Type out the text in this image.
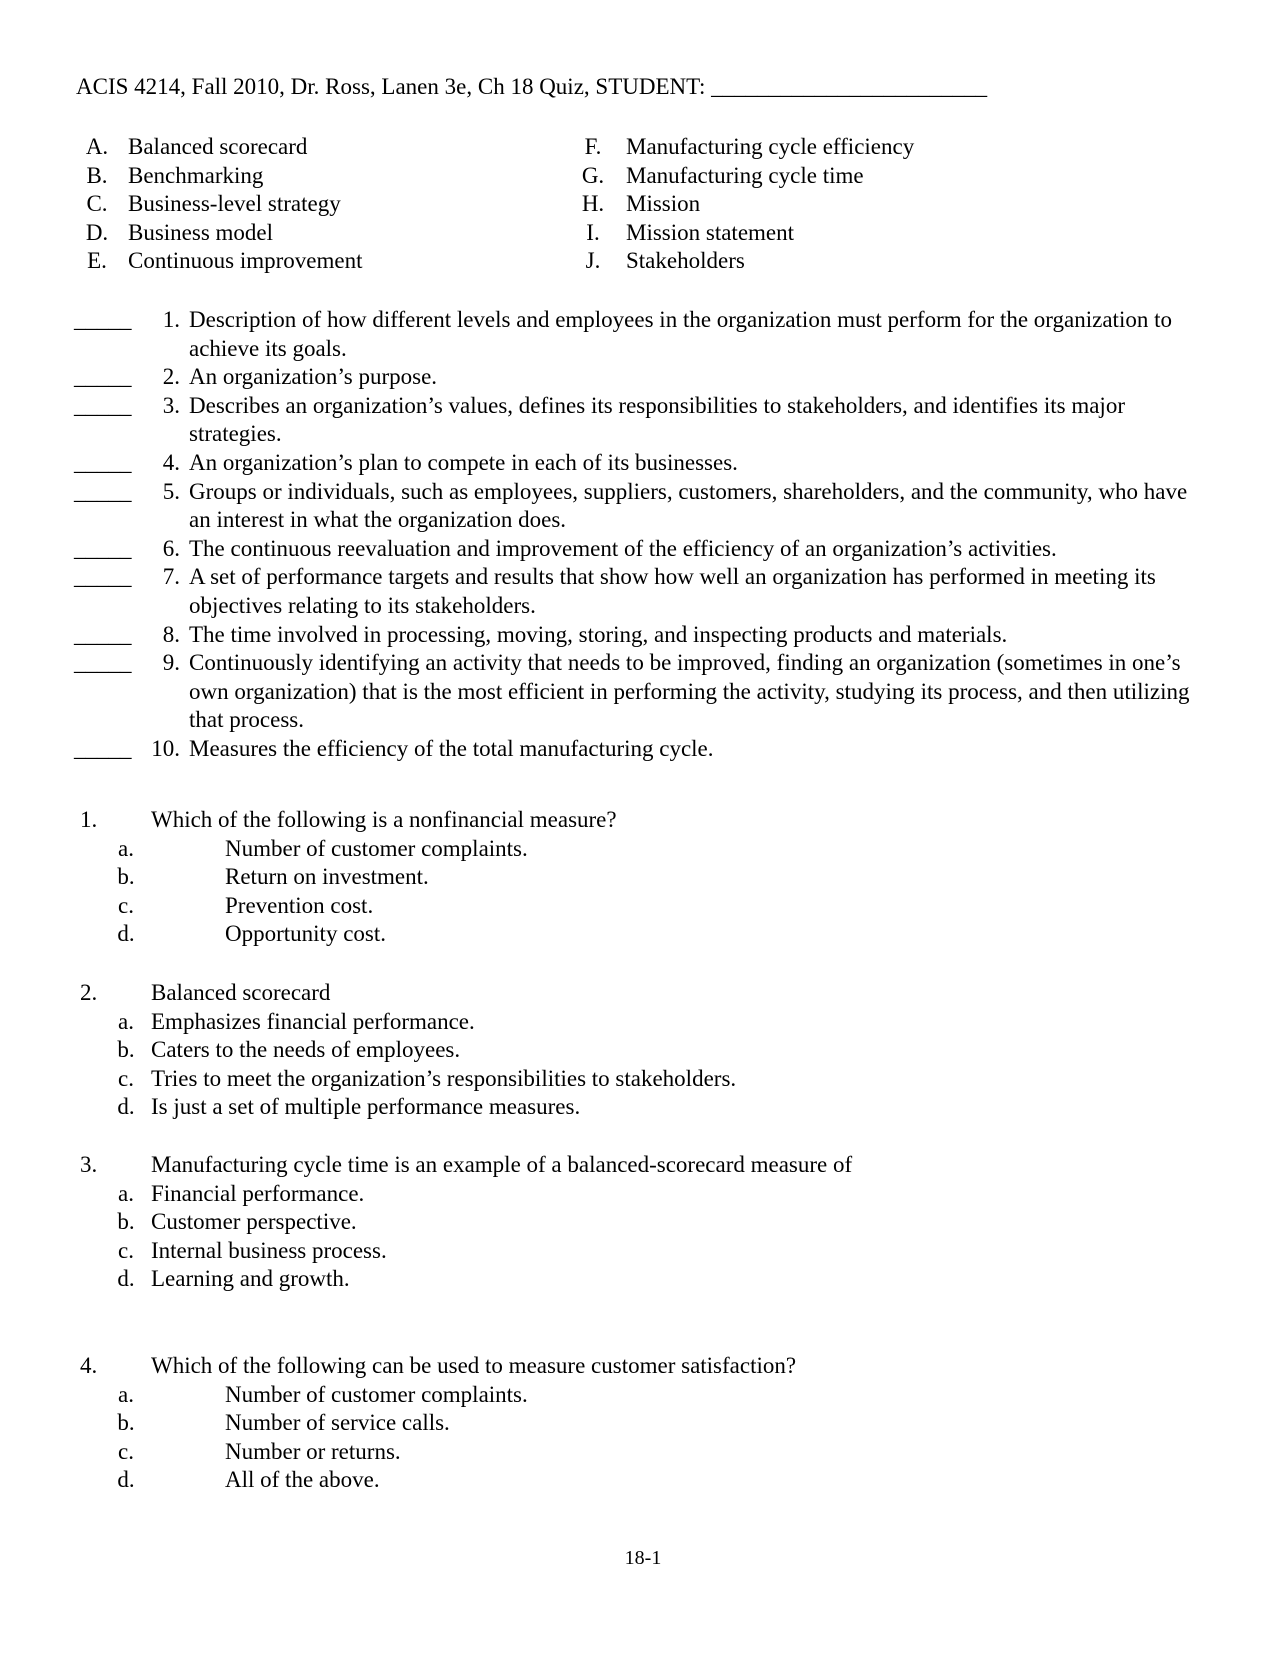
ACIS 4214, Fall 2010, Dr. Ross, Lanen 3e, Ch 18 Quiz, STUDENT: ________________________
A. Balanced scorecard
B. Benchmarking
C. Business-level strategy
D. Business model
E. Continuous improvement
F. Manufacturing cycle efficiency
G. Manufacturing cycle time
H. Mission
I. Mission statement
J. Stakeholders
_____	1. Description of how different levels and employees in the organization must perform for the organization to achieve its goals.
_____	2. An organization’s purpose.
_____	3. Describes an organization’s values, defines its responsibilities to stakeholders, and identifies its major strategies.
_____	4. An organization’s plan to compete in each of its businesses.
_____	5. Groups or individuals, such as employees, suppliers, customers, shareholders, and the community, who have an interest in what the organization does.
_____	6. The continuous reevaluation and improvement of the efficiency of an organization’s activities.
_____	7. A set of performance targets and results that show how well an organization has performed in meeting its objectives relating to its stakeholders.
_____	8. The time involved in processing, moving, storing, and inspecting products and materials.
_____	9. Continuously identifying an activity that needs to be improved, finding an organization (sometimes in one’s own organization) that is the most efficient in performing the activity, studying its process, and then utilizing that process.
_____ 10. Measures the efficiency of the total manufacturing cycle.
1. Which of the following is a nonfinancial measure?
a.	Number of customer complaints.
b.	Return on investment.
c.	Prevention cost.
d.	Opportunity cost.
2. Balanced scorecard
a. Emphasizes financial performance.
b. Caters to the needs of employees.
c. Tries to meet the organization’s responsibilities to stakeholders.
d. Is just a set of multiple performance measures.
3. Manufacturing cycle time is an example of a balanced-scorecard measure of
a. Financial performance.
b. Customer perspective.
c. Internal business process.
d. Learning and growth.
4. Which of the following can be used to measure customer satisfaction?
a.	Number of customer complaints.
b.	Number of service calls.
c.	Number or returns.
d.	All of the above.
18-1
